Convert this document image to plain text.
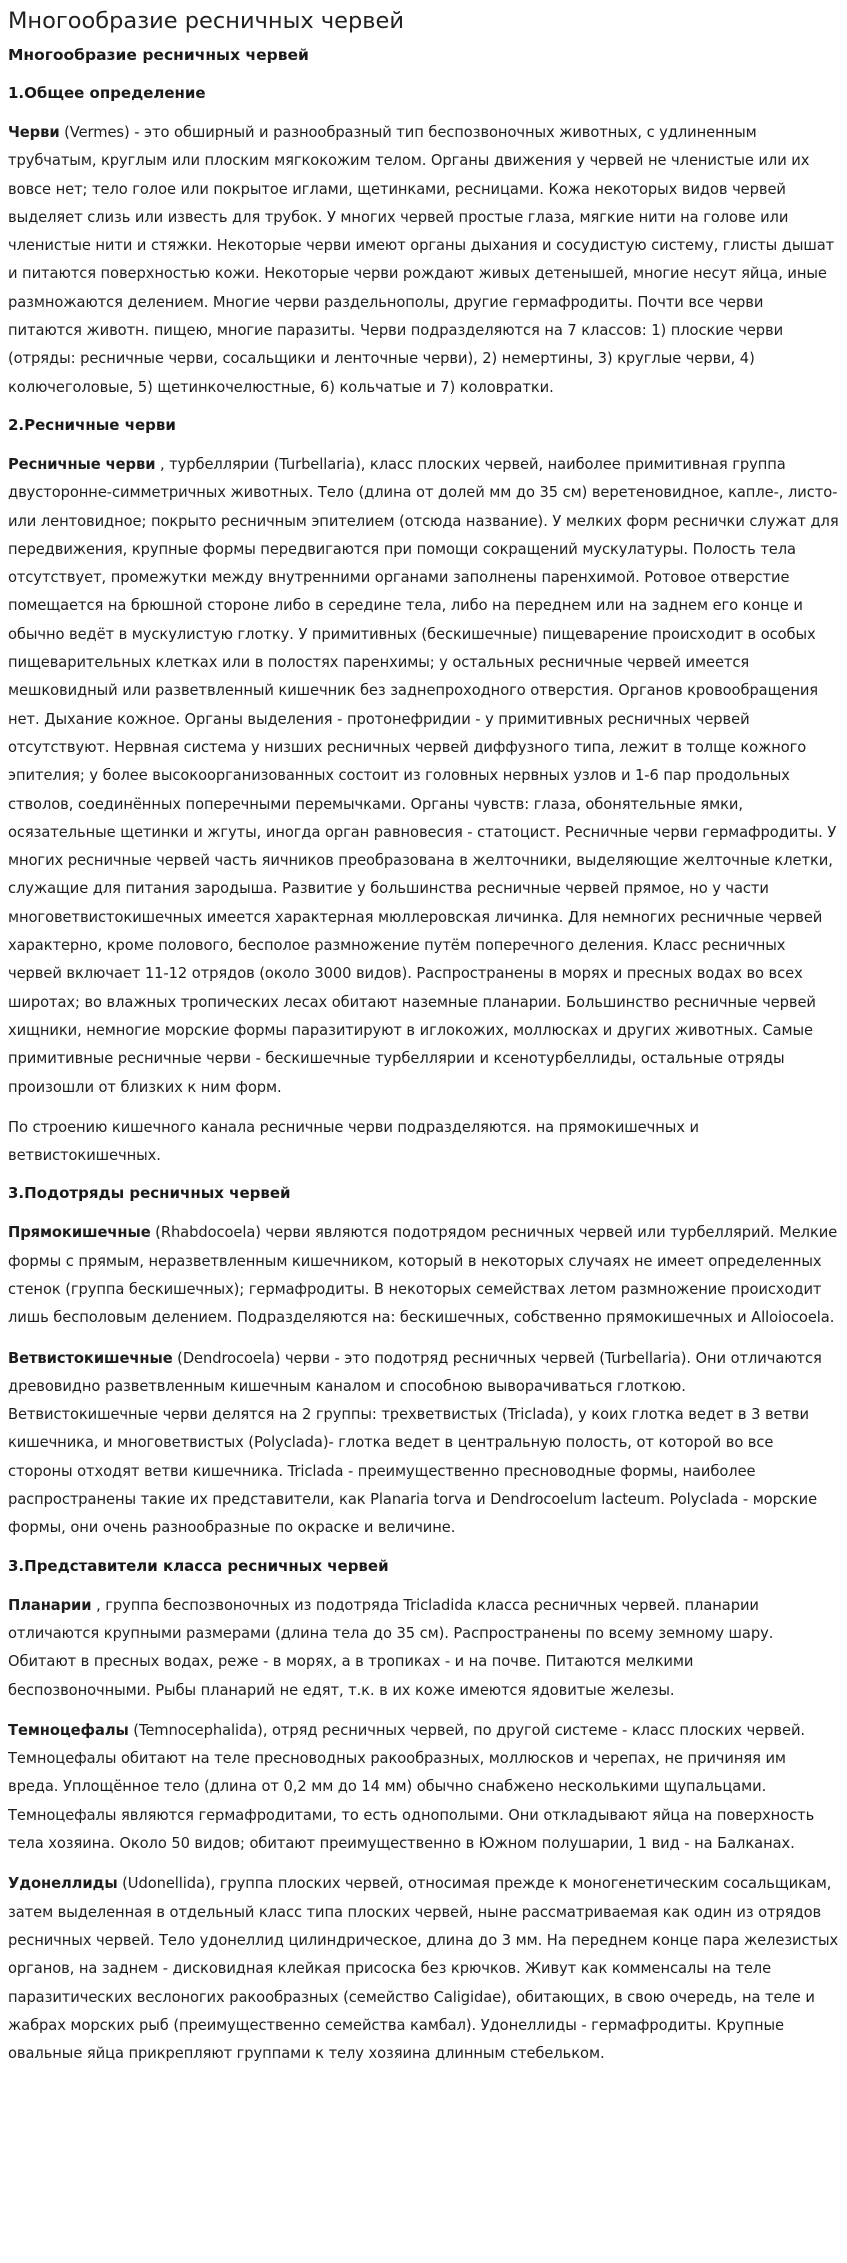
Многообразие ресничных червей
Многообразие ресничных червей
1.Общее определение

Черви (Vermes) - это обширный и разнообразный тип беспозвоночных животных, с удлиненным трубчатым, круглым или плоским мягкокожим телом. Органы движения у червей не членистые или их вовсе нет; тело голое или покрытое иглами, щетинками, ресницами. Кожа некоторых видов червей выделяет слизь или известь для трубок. У многих червей простые глаза, мягкие нити на голове или членистые нити и стяжки. Некоторые черви имеют органы дыхания и сосудистую систему, глисты дышат и питаются поверхностью кожи. Некоторые черви рождают живых детенышей, многие несут яйца, иные размножаются делением. Многие черви раздельнополы, другие гермафродиты. Почти все черви питаются животн. пищею, многие паразиты. Черви подразделяются на 7 классов: 1) плоские черви (отряды: ресничные черви, сосальщики и ленточные черви), 2) немертины, 3) круглые черви, 4) колючеголовые, 5) щетинкочелюстные, 6) кольчатые и 7) коловратки.

2.Ресничные черви

Ресничные черви , турбеллярии (Turbellaria), класс плоских червей, наиболее примитивная группа двусторонне-симметричных животных. Тело (длина от долей мм до 35 см) веретеновидное, капле-, листо- или лентовидное; покрыто ресничным эпителием (отсюда название). У мелких форм реснички служат для передвижения, крупные формы передвигаются при помощи сокращений мускулатуры. Полость тела отсутствует, промежутки между внутренними органами заполнены паренхимой. Ротовое отверстие помещается на брюшной стороне либо в середине тела, либо на переднем или на заднем его конце и обычно ведёт в мускулистую глотку. У примитивных (бескишечные) пищеварение происходит в особых пищеварительных клетках или в полостях паренхимы; у остальных ресничные червей имеется мешковидный или разветвленный кишечник без заднепроходного отверстия. Органов кровообращения нет. Дыхание кожное. Органы выделения - протонефридии - у примитивных ресничных червей отсутствуют. Нервная система у низших ресничных червей диффузного типа, лежит в толще кожного эпителия; у более высокоорганизованных состоит из головных нервных узлов и 1-6 пар продольных стволов, соединённых поперечными перемычками. Органы чувств: глаза, обонятельные ямки, осязательные щетинки и жгуты, иногда орган равновесия - статоцист. Ресничные черви гермафродиты. У многих ресничные червей часть яичников преобразована в желточники, выделяющие желточные клетки, служащие для питания зародыша. Развитие у большинства ресничные червей прямое, но у части многоветвистокишечных имеется характерная мюллеровская личинка. Для немногих ресничные червей характерно, кроме полового, бесполое размножение путём поперечного деления. Класс ресничных червей включает 11-12 отрядов (около 3000 видов). Распространены в морях и пресных водах во всех широтах; во влажных тропических лесах обитают наземные планарии. Большинство ресничные червей хищники, немногие морские формы паразитируют в иглокожих, моллюсках и других животных. Самые примитивные ресничные черви - бескишечные турбеллярии и ксенотурбеллиды, остальные отряды произошли от близких к ним форм.

По строению кишечного канала ресничные черви подразделяются. на прямокишечных и ветвистокишечных.

3.Подотряды ресничных червей

Прямокишечные (Rhabdocoela) черви являются подотрядом ресничных червей или турбеллярий. Мелкие формы с прямым, неразветвленным кишечником, который в некоторых случаях не имеет определенных стенок (группа бескишечных); гермафродиты. В некоторых семействах летом размножение происходит лишь бесполовым делением. Подразделяются на: бескишечных, собственно прямокишечных и Alloiocoela.

Ветвистокишечные (Dendrocoela) черви - это подотряд ресничных червей (Turbellaria). Они отличаются древовидно разветвленным кишечным каналом и способною выворачиваться глоткою. Ветвистокишечные черви делятся на 2 группы: трехветвистых (Triclada), у коих глотка ведет в 3 ветви кишечника, и многоветвистых (Polyclada)- глотка ведет в центральную полость, от которой во все стороны отходят ветви кишечника. Triclada - преимущественно пресноводные формы, наиболее распространены такие их представители, как Planaria torva и Dendrocoelum lacteum. Polyclada - морские формы, они очень разнообразные по окраске и величине.

3.Представители класса ресничных червей

Планарии , группа беспозвоночных из подотряда Tricladida класса ресничных червей. планарии отличаются крупными размерами (длина тела до 35 см). Распространены по всему земному шару. Обитают в пресных водах, реже - в морях, а в тропиках - и на почве. Питаются мелкими беспозвоночными. Рыбы планарий не едят, т.к. в их коже имеются ядовитые железы.

Темноцефалы (Temnocephalida), отряд ресничных червей, по другой системе - класс плоских червей. Темноцефалы обитают на теле пресноводных ракообразных, моллюсков и черепах, не причиняя им вреда. Уплощённое тело (длина от 0,2 мм до 14 мм) обычно снабжено несколькими щупальцами. Темноцефалы являются гермафродитами, то есть однополыми. Они откладывают яйца на поверхность тела хозяина. Около 50 видов; обитают преимущественно в Южном полушарии, 1 вид - на Балканах.

Удонеллиды (Udonellida), группа плоских червей, относимая прежде к моногенетическим сосальщикам, затем выделенная в отдельный класс типа плоских червей, ныне рассматриваемая как один из отрядов ресничных червей. Тело удонеллид цилиндрическое, длина до 3 мм. На переднем конце пара железистых органов, на заднем - дисковидная клейкая присоска без крючков. Живут как комменсалы на теле паразитических веслоногих ракообразных (семейство Caligidae), обитающих, в свою очередь, на теле и жабрах морских рыб (преимущественно семейства камбал). Удонеллиды - гермафродиты. Крупные овальные яйца прикрепляют группами к телу хозяина длинным стебельком.
